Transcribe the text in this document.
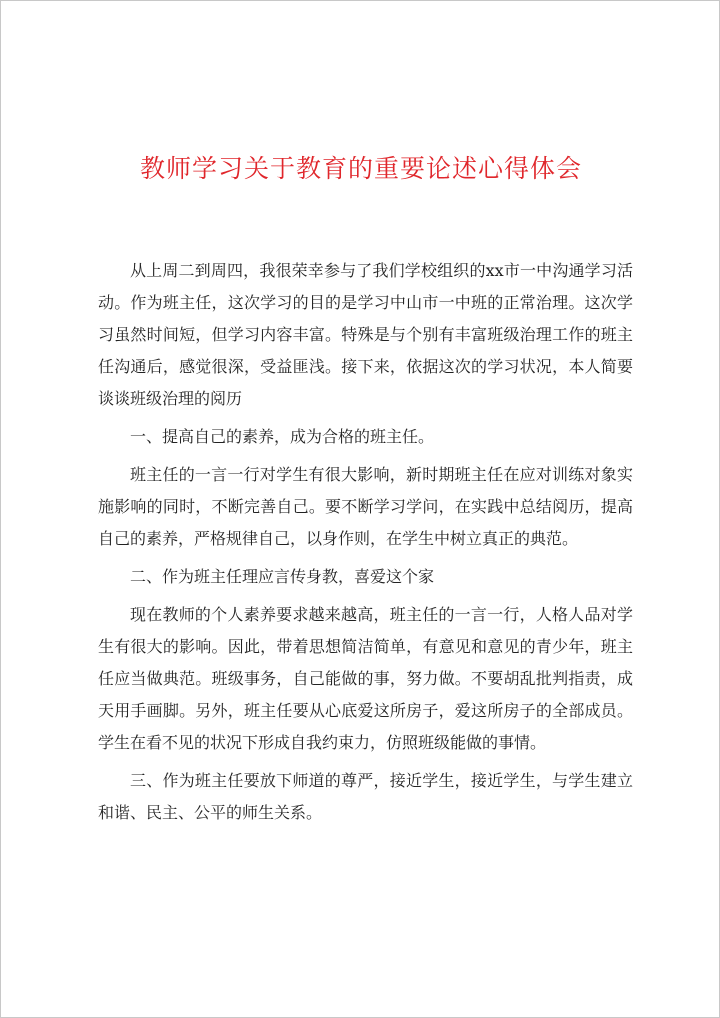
教师学习关于教育的重要论述心得体会

从上周二到周四，我很荣幸参与了我们学校组织的xx市一中沟通学习活动。作为班主任，这次学习的目的是学习中山市一中班的正常治理。这次学习虽然时间短，但学习内容丰富。特殊是与个别有丰富班级治理工作的班主任沟通后，感觉很深，受益匪浅。接下来，依据这次的学习状况，本人简要谈谈班级治理的阅历

一、提高自己的素养，成为合格的班主任。

班主任的一言一行对学生有很大影响，新时期班主任在应对训练对象实施影响的同时，不断完善自己。要不断学习学问，在实践中总结阅历，提高自己的素养，严格规律自己，以身作则，在学生中树立真正的典范。

二、作为班主任理应言传身教，喜爱这个家

现在教师的个人素养要求越来越高，班主任的一言一行，人格人品对学生有很大的影响。因此，带着思想简洁简单，有意见和意见的青少年，班主任应当做典范。班级事务，自己能做的事，努力做。不要胡乱批判指责，成天用手画脚。另外，班主任要从心底爱这所房子，爱这所房子的全部成员。学生在看不见的状况下形成自我约束力，仿照班级能做的事情。

三、作为班主任要放下师道的尊严，接近学生，接近学生，与学生建立和谐、民主、公平的师生关系。
